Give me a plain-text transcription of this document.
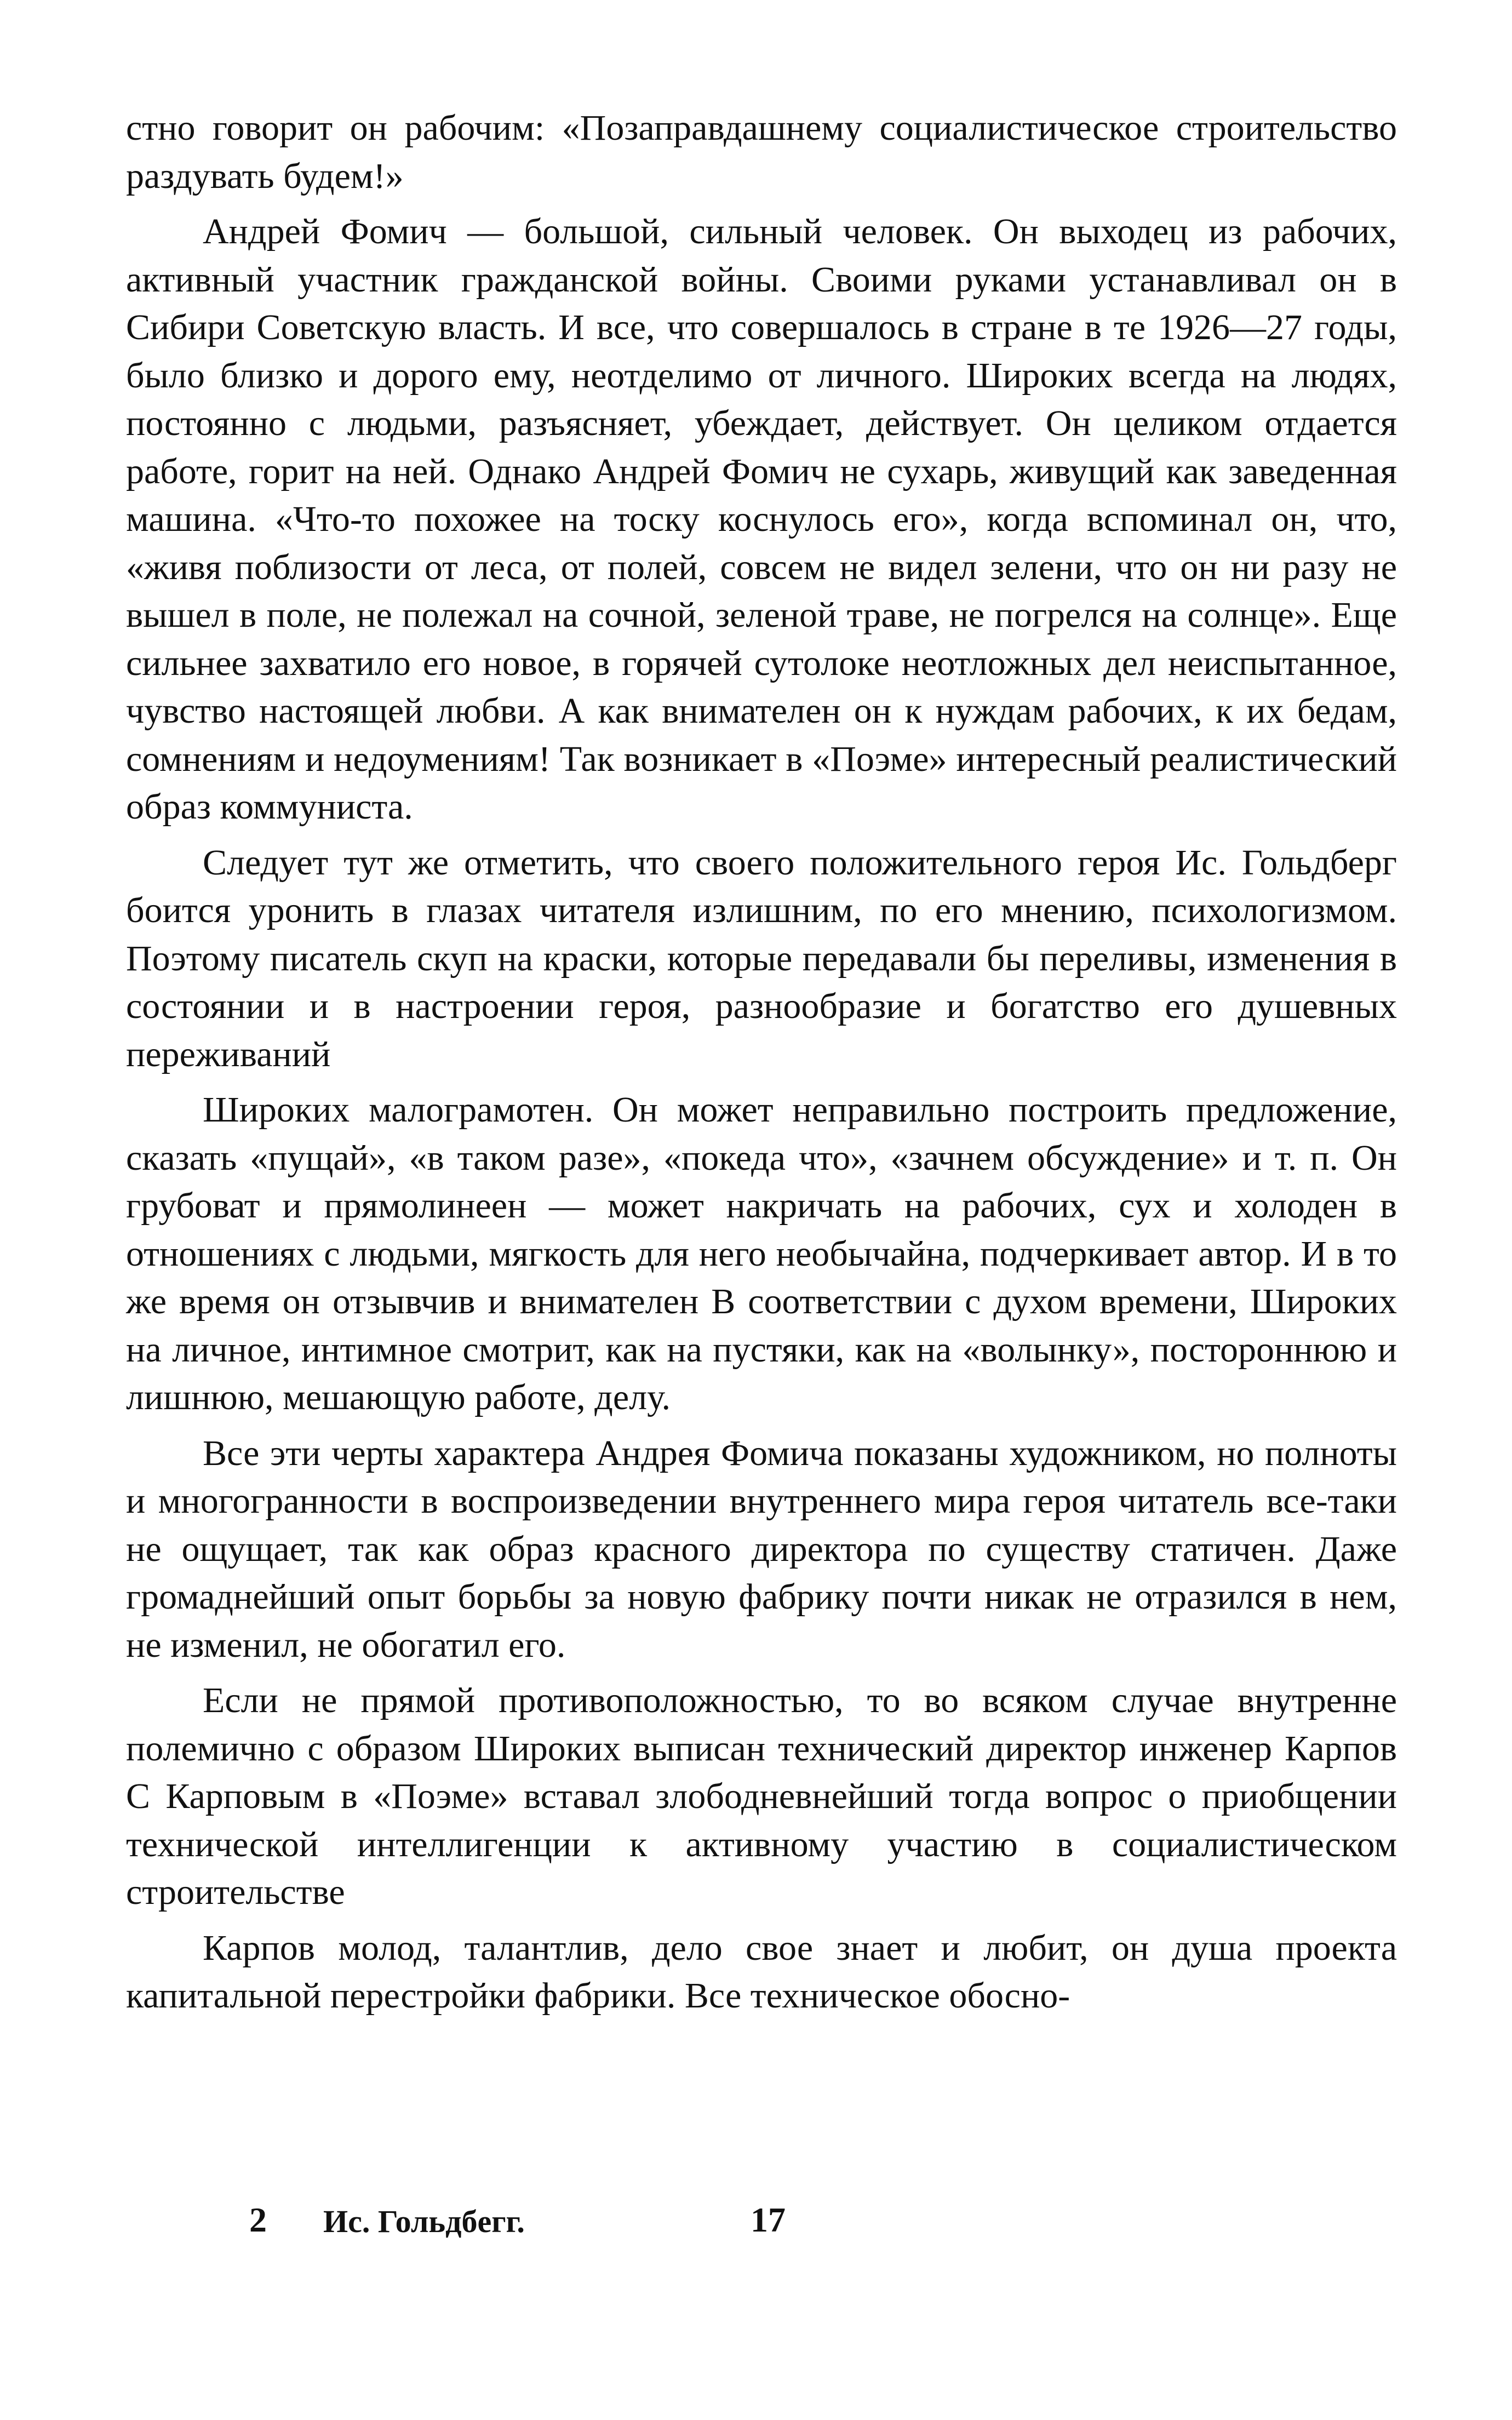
стно говорит он рабочим: «Позаправдашнему социалистическое строительство раздувать будем!»

Андрей Фомич — большой, сильный человек. Он выходец из рабочих, активный участник гражданской войны. Своими руками устанавливал он в Сибири Советскую власть. И все, что совершалось в стране в те 1926—27 годы, было близко и дорого ему, неотделимо от личного. Широких всегда на людях, постоянно с людьми, разъясняет, убеждает, действует. Он целиком отдается работе, горит на ней. Однако Андрей Фомич не сухарь, живущий как заведенная машина. «Что-то похожее на тоску коснулось его», когда вспоминал он, что, «живя поблизости от леса, от полей, совсем не видел зелени, что он ни разу не вышел в поле, не полежал на сочной, зеленой траве, не погрелся на солнце». Еще сильнее захватило его новое, в горячей сутолоке неотложных дел неиспытанное, чувство настоящей любви. А как внимателен он к нуждам рабочих, к их бедам, сомнениям и недоумениям! Так возникает в «Поэме» интересный реалистический образ коммуниста.

Следует тут же отметить, что своего положительного героя Ис. Гольдберг боится уронить в глазах читателя излишним, по его мнению, психологизмом. Поэтому писатель скуп на краски, которые передавали бы переливы, изменения в состоянии и в настроении героя, разнообразие и богатство его душевных переживаний

Широких малограмотен. Он может неправильно построить предложение, сказать «пущай», «в таком разе», «покеда что», «зачнем обсуждение» и т. п. Он грубоват и прямолинеен — может накричать на рабочих, сух и холоден в отношениях с людьми, мягкость для него необычайна, подчеркивает автор. И в то же время он отзывчив и внимателен В соответствии с духом времени, Широких на личное, интимное смотрит, как на пустяки, как на «волынку», постороннюю и лишнюю, мешающую работе, делу.

Все эти черты характера Андрея Фомича показаны художником, но полноты и многогранности в воспроизведении внутреннего мира героя читатель все-таки не ощущает, так как образ красного директора по существу статичен. Даже громаднейший опыт борьбы за новую фабрику почти никак не отразился в нем, не изменил, не обогатил его.

Если не прямой противоположностью, то во всяком случае внутренне полемично с образом Широких выписан технический директор инженер Карпов С Карповым в «Поэме» вставал злободневнейший тогда вопрос о приобщении технической интеллигенции к активному участию в социалистическом строительстве

Карпов молод, талантлив, дело свое знает и любит, он душа проекта капитальной перестройки фабрики. Все техническое обосно-

2 Ис. Гольдбeгг.	17
